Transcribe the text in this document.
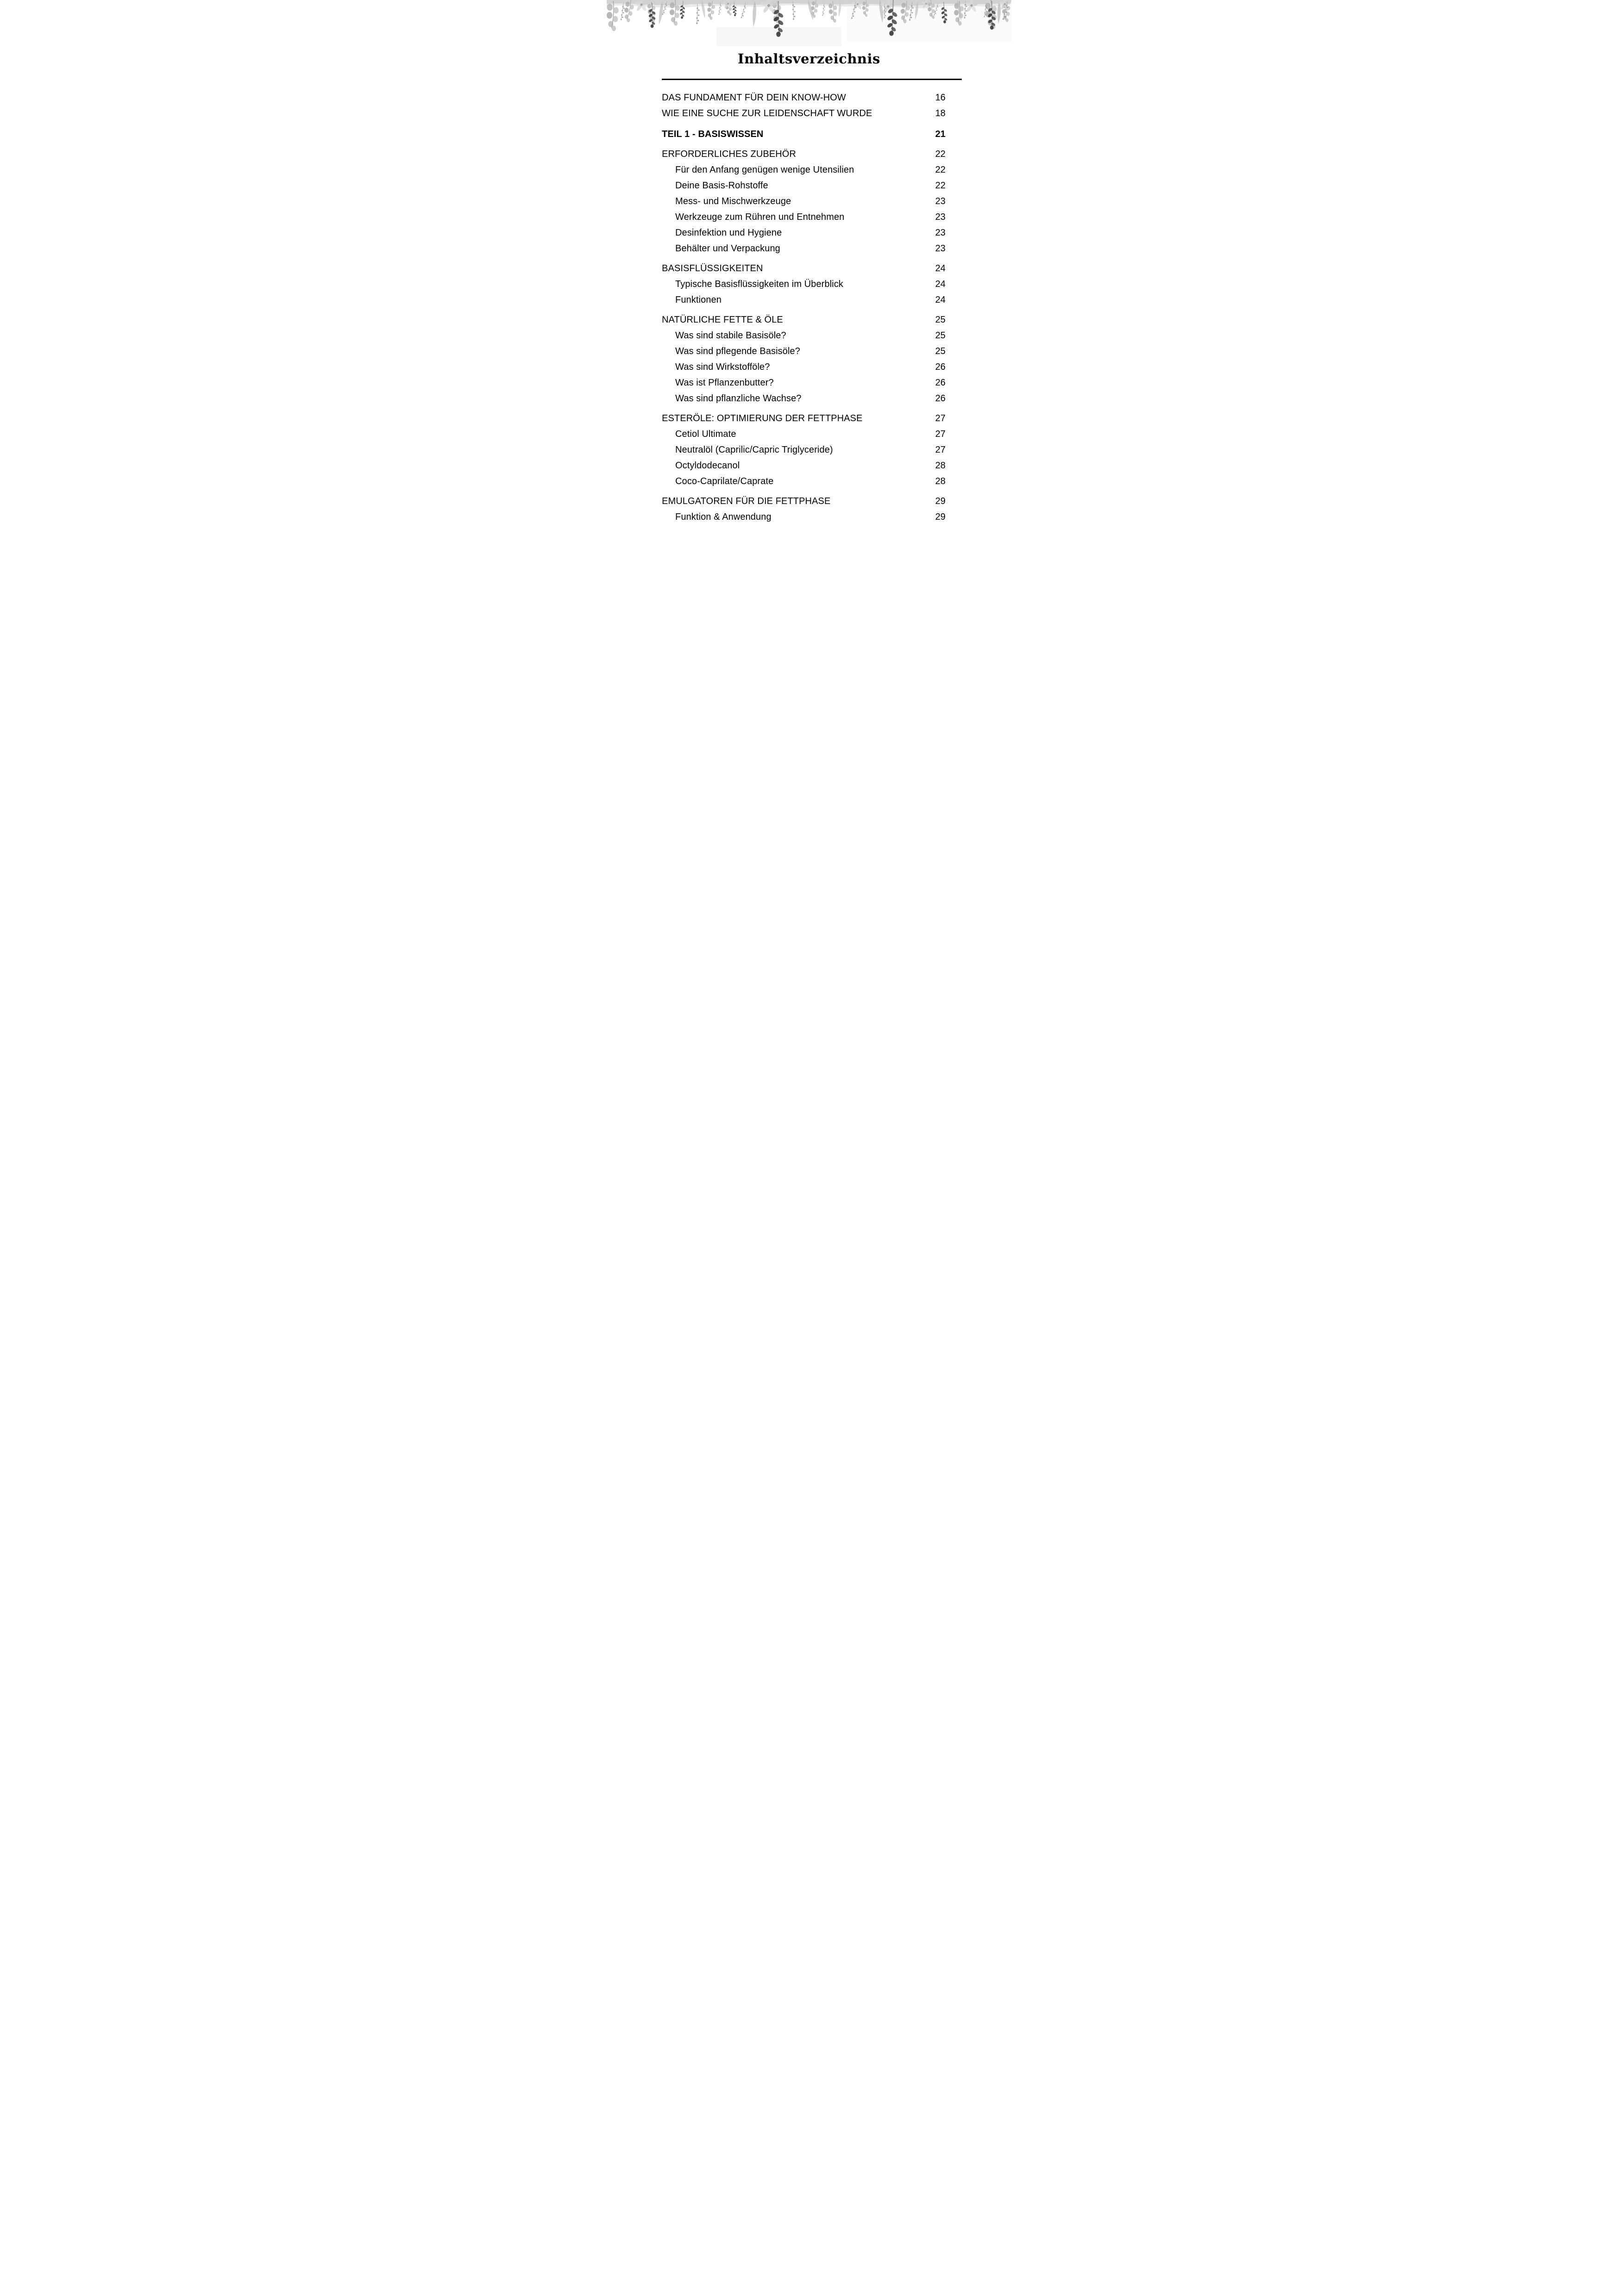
Inhaltsverzeichnis
DAS FUNDAMENT FÜR DEIN KNOW-HOW	16
WIE EINE SUCHE ZUR LEIDENSCHAFT WURDE	18
TEIL 1 - BASISWISSEN	21
ERFORDERLICHES ZUBEHÖR	22
Für den Anfang genügen wenige Utensilien	22
Deine Basis-Rohstoffe	22
Mess- und Mischwerkzeuge	23
Werkzeuge zum Rühren und Entnehmen	23
Desinfektion und Hygiene	23
Behälter und Verpackung	23
BASISFLÜSSIGKEITEN	24
Typische Basisflüssigkeiten im Überblick	24
Funktionen	24
NATÜRLICHE FETTE & ÖLE	25
Was sind stabile Basisöle?	25
Was sind pflegende Basisöle?	25
Was sind Wirkstofföle?	26
Was ist Pflanzenbutter?	26
Was sind pflanzliche Wachse?	26
ESTERÖLE: OPTIMIERUNG DER FETTPHASE	27
Cetiol Ultimate	27
Neutralöl (Caprilic/Capric Triglyceride)	27
Octyldodecanol	28
Coco-Caprilate/Caprate	28
EMULGATOREN FÜR DIE FETTPHASE	29
Funktion & Anwendung	29
